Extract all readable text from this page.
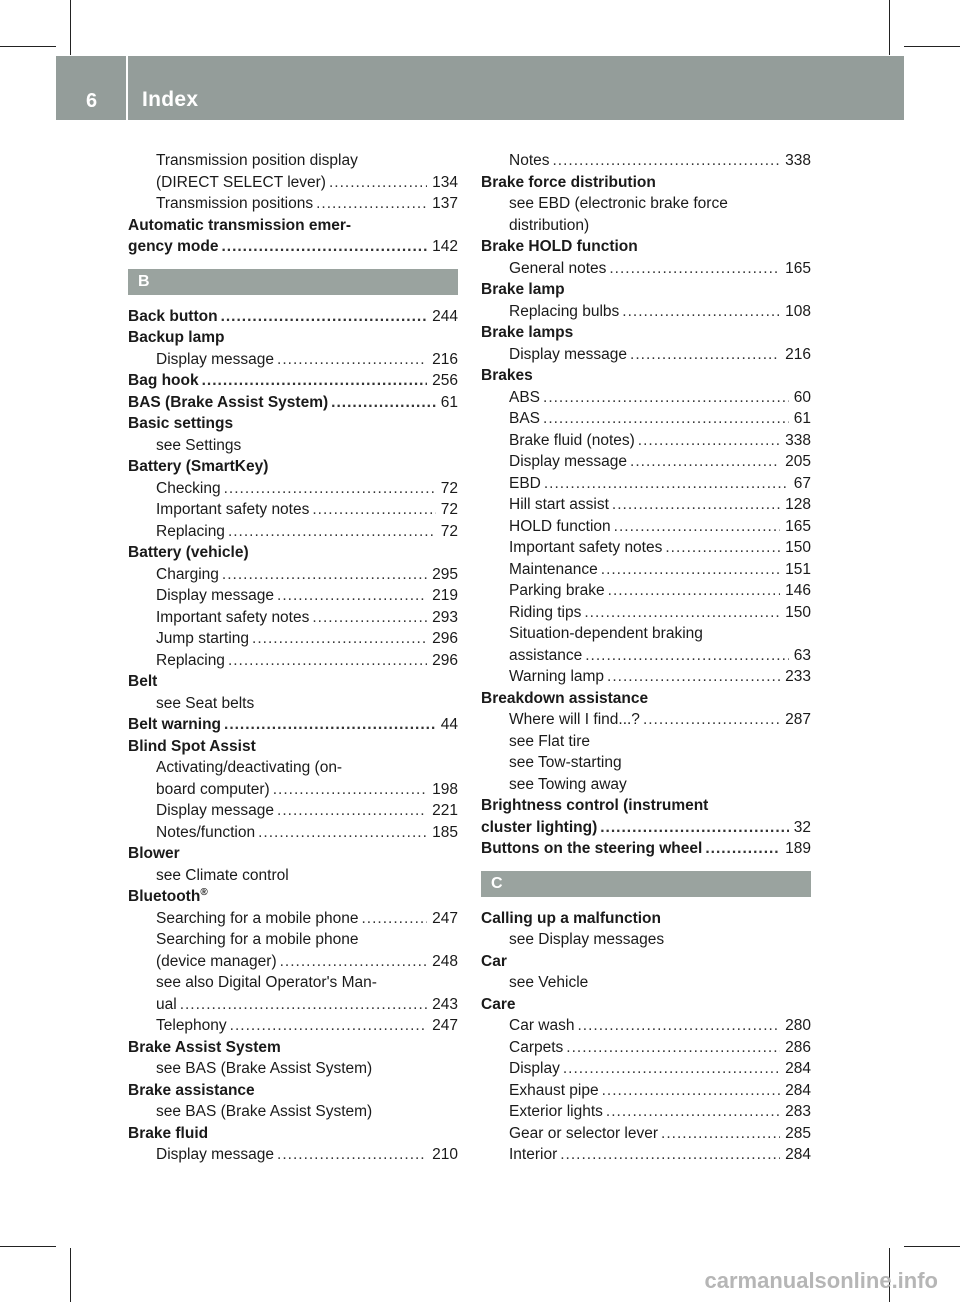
6 Index
Transmission position display
(DIRECT SELECT lever) .....	134
Transmission positions .....	137
Automatic transmission emer-
gency mode .....	142
B
Back button .....	244
Backup lamp
Display message .....	216
Bag hook .....	256
BAS (Brake Assist System) .....	61
Basic settings
see Settings
Battery (SmartKey)
Checking .....	72
Important safety notes .....	72
Replacing .....	72
Battery (vehicle)
Charging .....	295
Display message .....	219
Important safety notes .....	293
Jump starting .....	296
Replacing .....	296
Belt
see Seat belts
Belt warning .....	44
Blind Spot Assist
Activating/deactivating (on-
board computer) .....	198
Display message .....	221
Notes/function .....	185
Blower
see Climate control
Bluetooth®
Searching for a mobile phone .....	247
Searching for a mobile phone
(device manager) .....	248
see also Digital Operator's Man-
ual .....	243
Telephony .....	247
Brake Assist System
see BAS (Brake Assist System)
Brake assistance
see BAS (Brake Assist System)
Brake fluid
Display message .....	210
Notes .....	338
Brake force distribution
see EBD (electronic brake force
distribution)
Brake HOLD function
General notes .....	165
Brake lamp
Replacing bulbs .....	108
Brake lamps
Display message .....	216
Brakes
ABS .....	60
BAS .....	61
Brake fluid (notes) .....	338
Display message .....	205
EBD .....	67
Hill start assist .....	128
HOLD function .....	165
Important safety notes .....	150
Maintenance .....	151
Parking brake .....	146
Riding tips .....	150
Situation-dependent braking
assistance .....	63
Warning lamp .....	233
Breakdown assistance
Where will I find...? .....	287
see Flat tire
see Tow-starting
see Towing away
Brightness control (instrument
cluster lighting) .....	32
Buttons on the steering wheel .....	189
C
Calling up a malfunction
see Display messages
Car
see Vehicle
Care
Car wash .....	280
Carpets .....	286
Display .....	284
Exhaust pipe .....	284
Exterior lights .....	283
Gear or selector lever .....	285
Interior .....	284
carmanualsonline.info
